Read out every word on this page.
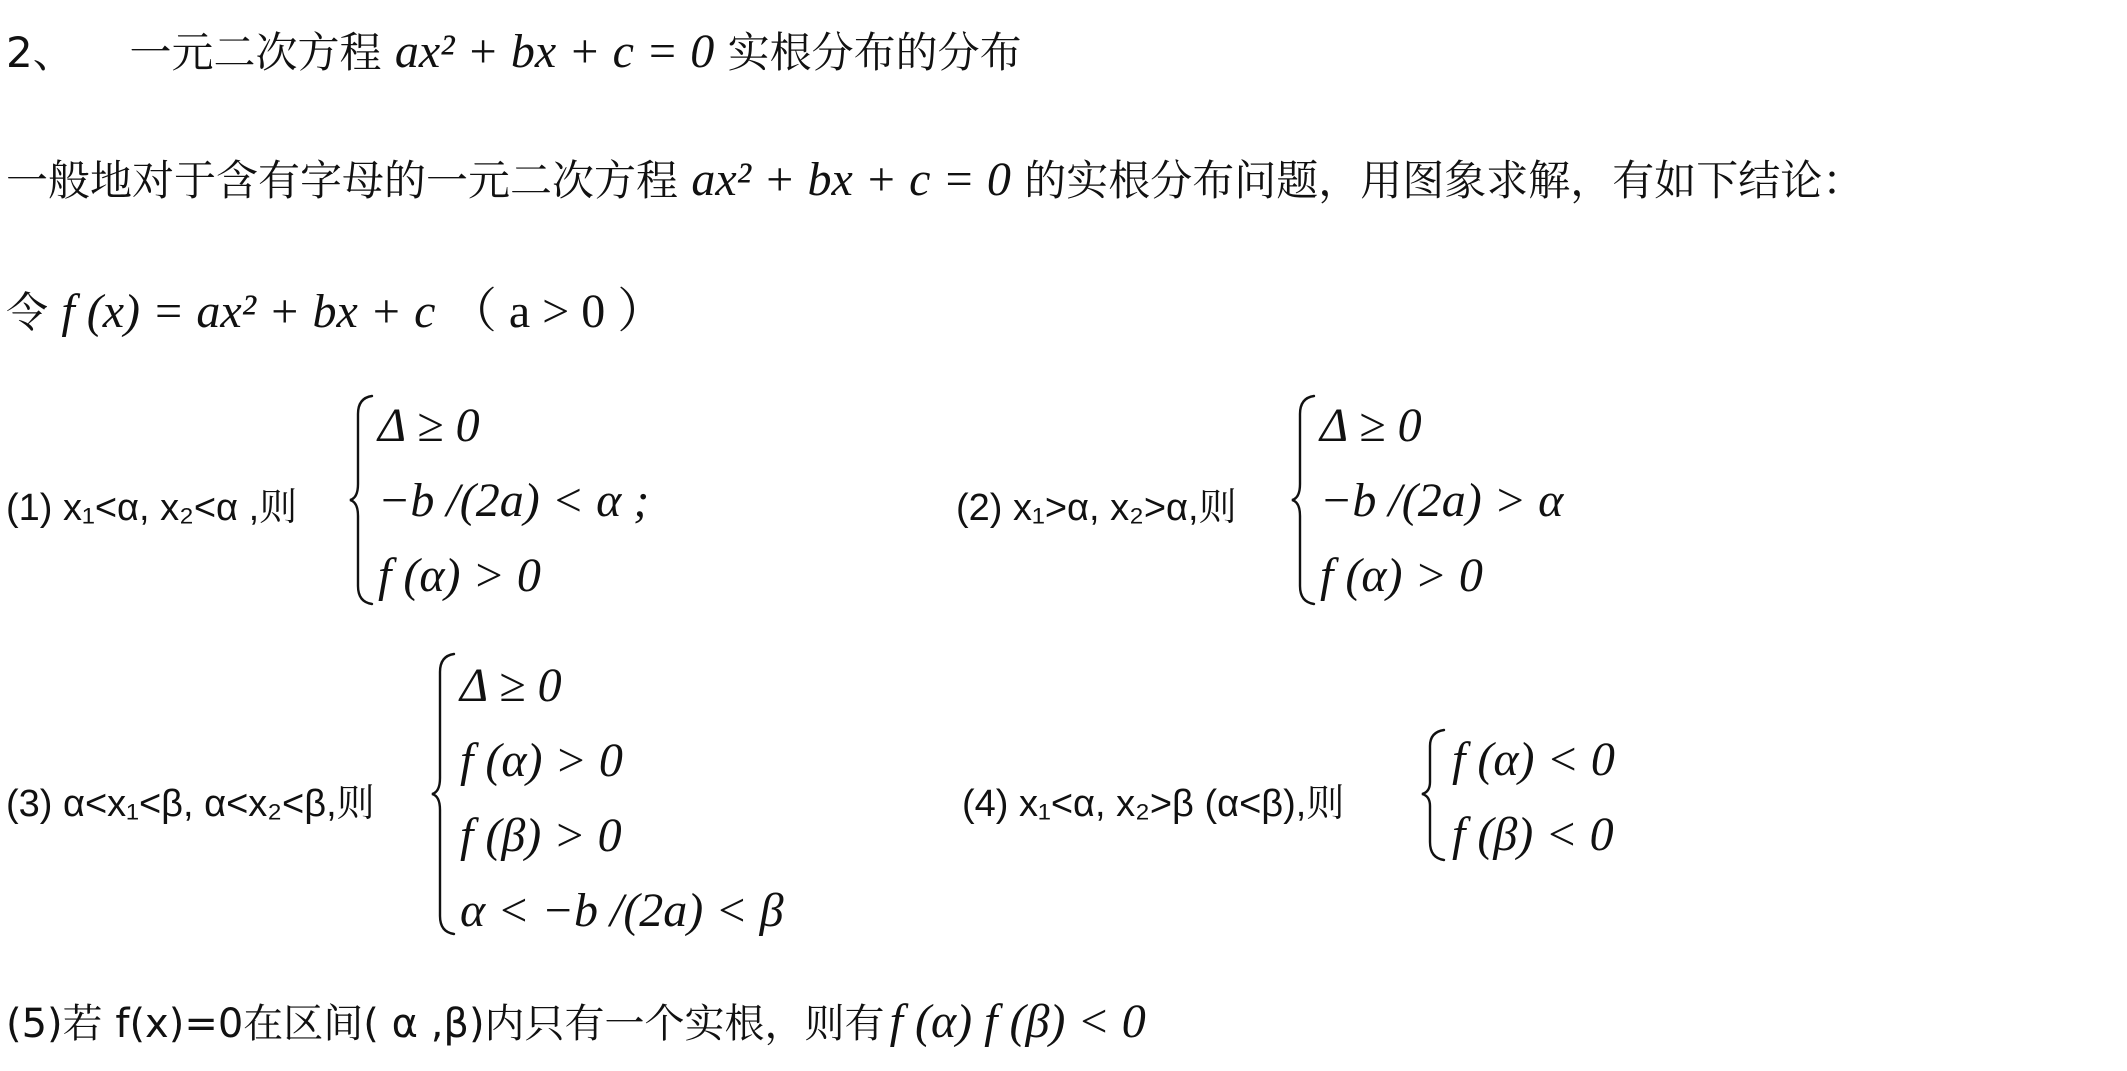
2、 一元二次方程 ax² + bx + c = 0 实根分布的分布
一般地对于含有字母的一元二次方程 ax² + bx + c = 0 的实根分布问题，用图象求解，有如下结论：
令 f (x) = ax² + bx + c （ a > 0 ）
(1) x₁<α, x₂<α ,则
Δ ≥ 0
−b /(2a) < α ;
f (α) > 0
(2) x₁>α, x₂>α,则
Δ ≥ 0
−b /(2a) > α
f (α) > 0
(3) α<x₁<β, α<x₂<β,则
Δ ≥ 0
f (α) > 0
f (β) > 0
α < −b /(2a) < β
(4) x₁<α, x₂>β (α<β),则
f (α) < 0
f (β) < 0
(5)若 f(x)=0在区间( α ,β)内只有一个实根，则有 f (α) f (β) < 0
